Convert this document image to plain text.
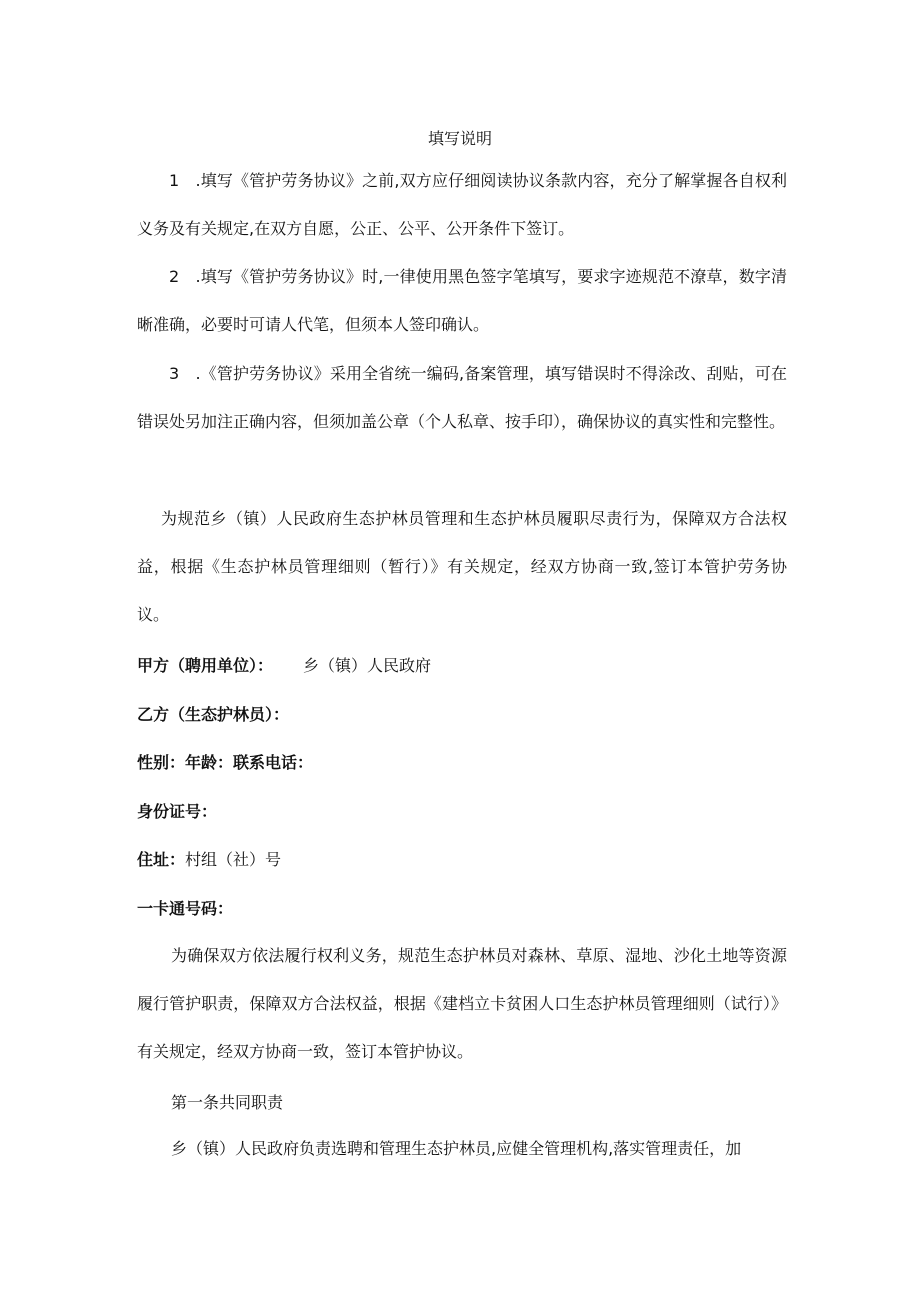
填写说明

1　.填写《管护劳务协议》之前,双方应仔细阅读协议条款内容，充分了解掌握各自权利义务及有关规定,在双方自愿，公正、公平、公开条件下签订。

2　.填写《管护劳务协议》时,一律使用黑色签字笔填写，要求字迹规范不潦草，数字清晰准确，必要时可请人代笔，但须本人签印确认。

3　.《管护劳务协议》采用全省统一编码,备案管理，填写错误时不得涂改、刮贴，可在错误处另加注正确内容，但须加盖公章（个人私章、按手印），确保协议的真实性和完整性。

为规范乡（镇）人民政府生态护林员管理和生态护林员履职尽责行为，保障双方合法权益，根据《生态护林员管理细则（暂行）》有关规定，经双方协商一致,签订本管护劳务协议。

甲方（聘用单位）： 乡（镇）人民政府
乙方（生态护林员）：
性别：年龄：联系电话：
身份证号：
住址：村组（社）号
一卡通号码：

为确保双方依法履行权利义务，规范生态护林员对森林、草原、湿地、沙化土地等资源履行管护职责，保障双方合法权益，根据《建档立卡贫困人口生态护林员管理细则（试行）》有关规定，经双方协商一致，签订本管护协议。

第一条共同职责

乡（镇）人民政府负责选聘和管理生态护林员,应健全管理机构,落实管理责任，加
